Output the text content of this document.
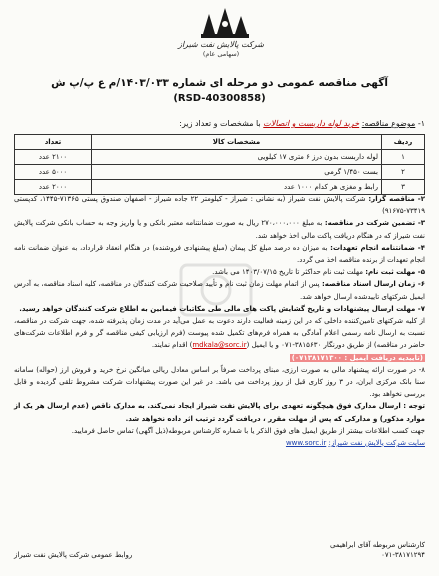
شرکت پالایش نفت شیراز
(سهامی عام)
آگهی مناقصه عمومی دو مرحله ای شماره ۱۴۰۳/۰۳۳/م ع پ/پ ش
(RSD-40300858)
۱- موضوع مناقصه: خرید لوله داربست و اتصالات با مشخصات و تعداد زیر:
ردیف	مشخصات کالا	تعداد
۱	لوله داربست بدون درز ۶ متری ۱۷ کیلویی	۲۱۰۰ عدد
۲	بست ۱/۴۵۰ گرمی	۵۰۰۰ عدد
۳	رابط و مغزی هر کدام ۱۰۰۰ عدد	۲۰۰۰ عدد

۲- مناقصه گزار: شرکت پالایش نفت شیراز (به نشانی : شیراز - کیلومتر ۲۲ جاده شیراز - اصفهان صندوق پستی ۷۱۳۶۵-۱۴۴۵، کدپستی ۷۳۴۱۹-۹۱۶۷۵)

۳- تضمین شرکت در مناقصه: به مبلغ ۲۷۰،۰۰۰،۰۰۰ ریال به صورت ضمانتنامه معتبر بانکی و یا واریز وجه به حساب بانکی شرکت پالایش نفت شیراز که در هنگام دریافت پاکت مالی اخذ خواهد شد.

۴- ضمانتنامه انجام تعهدات: به میزان ده درصد مبلغ کل پیمان (مبلغ پیشنهادی فروشنده) در هنگام انعقاد قرارداد، به عنوان ضمانت نامه انجام تعهدات از برنده مناقصه اخذ می گردد.

۵- مهلت ثبت نام: مهلت ثبت نام حداکثر تا تاریخ ۱۴۰۳/۰۷/۱۵ می باشد.

۶- زمان ارسال اسناد مناقصه: پس از اتمام مهلت زمان ثبت نام و تأیید صلاحیت شرکت کنندگان در مناقصه، کلیه اسناد مناقصه، به آدرس ایمیل شرکتهای تاییدشده ارسال خواهد شد.

۷- مهلت ارسال پیشنهادات و تاریخ گشایش پاکت های مالی طی مکاتبات فیمابین به اطلاع شرکت کنندگان خواهد رسید.

از کلیه شرکتهای تامین‌کننده داخلی که در این زمینه فعالیت دارند دعوت به عمل می‌آید در مدت زمان پذیرفته شده، جهت شرکت در مناقصه، نسبت به ارسال نامه رسمی اعلام آمادگی به همراه فرم‌های تکمیل شده پیوست (فرم ارزیابی کیفی مناقصه گر و فرم اطلاعات شرکت‌های حاضر در مناقصه) از طریق دورنگار ۳۸۱۵۶۳۰-۰۷۱ و یا ایمیل (mdkala@sorc.ir) اقدام نمایند.

(تاییدیه دریافت ایمیل : ۰۷۱۳۸۱۷۱۳۰۰)

۸- در صورت ارائه پیشنهاد مالی به صورت ارزی، مبنای پرداخت صرفاً بر اساس معادل ریالی میانگین نرخ خرید و فروش ارز (حواله) سامانه سنا بانک مرکزی ایران، در ۳ روز کاری قبل از روز پرداخت می باشد. در غیر این صورت پیشنهادات شرکت مشروط تلقی گردیده و قابل بررسی نخواهد بود.

توجه : ارسال مدارک فوق هیچگونه تعهدی برای پالایش نفت شیراز ایجاد نمی‌کند. به مدارک ناقص (عدم ارسال هر یک از موارد مذکور) و مدارکی که پس از مهلت مقرر ، دریافت گردد ترتیب اثر داده نخواهد شد.

جهت کسب اطلاعات بیشتر از طریق ایمیل های فوق الذکر یا با شماره کارشناس مربوطه(ذیل آگهی) تماس حاصل فرمایید.

سایت شرکت پالایش نفت شیراز: www.sorc.ir

کارشناس مربوطه آقای ابراهیمی
۰۷۱-۳۸۱۷۱۲۹۴
روابط عمومی شرکت پالایش نفت شیراز
